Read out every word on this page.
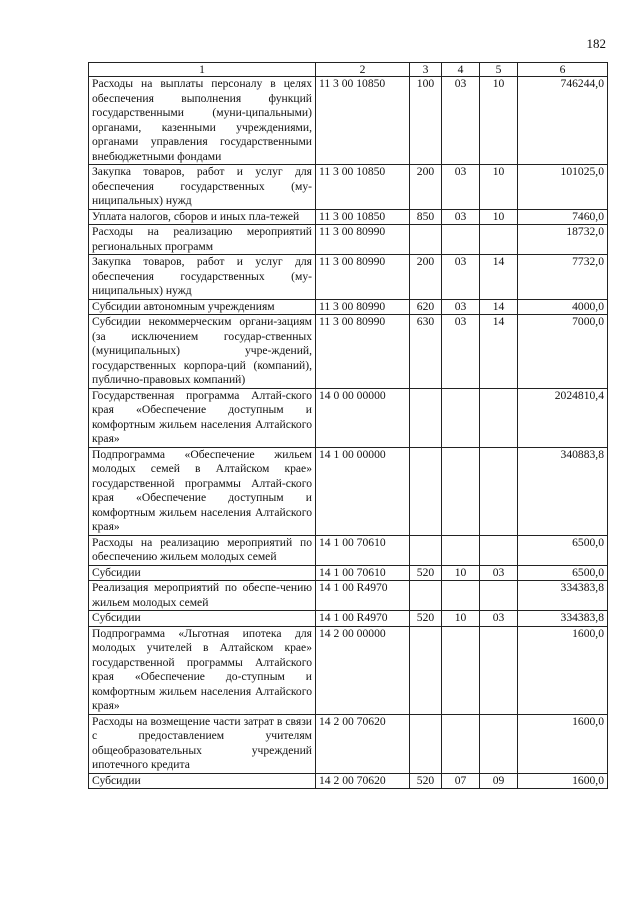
182
1	2	3	4	5	6
Расходы на выплаты персоналу в целях обеспечения выполнения функций государственными (муни-ципальными) органами, казенными учреждениями, органами управления государственными внебюджетными фондами	11 3 00 10850	100	03	10	746244,0
Закупка товаров, работ и услуг для обеспечения государственных (му-ниципальных) нужд	11 3 00 10850	200	03	10	101025,0
Уплата налогов, сборов и иных пла-тежей	11 3 00 10850	850	03	10	7460,0
Расходы на реализацию мероприятий региональных программ	11 3 00 80990				18732,0
Закупка товаров, работ и услуг для обеспечения государственных (му-ниципальных) нужд	11 3 00 80990	200	03	14	7732,0
Субсидии автономным учреждениям	11 3 00 80990	620	03	14	4000,0
Субсидии некоммерческим органи-зациям (за исключением государ-ственных (муниципальных) учре-ждений, государственных корпора-ций (компаний), публично-правовых компаний)	11 3 00 80990	630	03	14	7000,0
Государственная программа Алтай-ского края «Обеспечение доступным и комфортным жильем населения Алтайского края»	14 0 00 00000				2024810,4
Подпрограмма «Обеспечение жильем молодых семей в Алтайском крае» государственной программы Алтай-ского края «Обеспечение доступным и комфортным жильем населения Алтайского края»	14 1 00 00000				340883,8
Расходы на реализацию мероприятий по обеспечению жильем молодых семей	14 1 00 70610				6500,0
Субсидии	14 1 00 70610	520	10	03	6500,0
Реализация мероприятий по обеспе-чению жильем молодых семей	14 1 00 R4970				334383,8
Субсидии	14 1 00 R4970	520	10	03	334383,8
Подпрограмма «Льготная ипотека для молодых учителей в Алтайском крае» государственной программы Алтайского края «Обеспечение до-ступным и комфортным жильем населения Алтайского края»	14 2 00 00000				1600,0
Расходы на возмещение части затрат в связи с предоставлением учителям общеобразовательных учреждений ипотечного кредита	14 2 00 70620				1600,0
Субсидии	14 2 00 70620	520	07	09	1600,0
